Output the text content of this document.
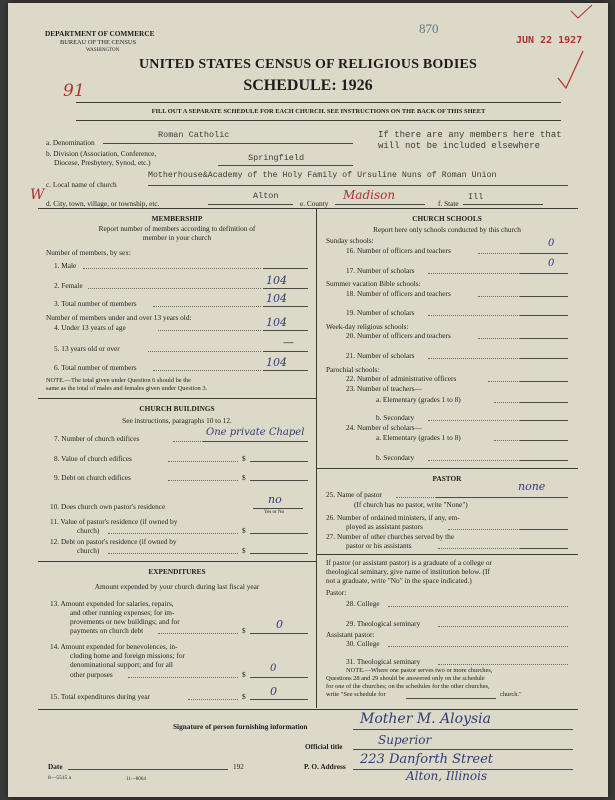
DEPARTMENT OF COMMERCE
BUREAU OF THE CENSUS
WASHINGTON
870
JUN 22 1927
UNITED STATES CENSUS OF RELIGIOUS BODIES
SCHEDULE: 1926
91
FILL OUT A SEPARATE SCHEDULE FOR EACH CHURCH. SEE INSTRUCTIONS ON THE BACK OF THIS SHEET
a. Denomination
Roman Catholic	If there are any members here that
will not be included elsewhere
b. Division (Association, Conference,
Diocese, Presbytery, Synod, etc.)	Springfield
c. Local name of church
Motherhouse&Academy of the Holy Family of Ursuline Nuns of Roman Union
W
d. City, town, village, or township, etc.
Alton
e. County
Madison
f. State
Ill
MEMBERSHIP
Report number of members according to definition of
member in your church
Number of members, by sex:
1. Male
2. Female	104
3. Total number of members	104
Number of members under and over 13 years old:
4. Under 13 years of age	104
5. 13 years old or over	—
6. Total number of members	104
NOTE.—The total given under Question 6 should be the
same as the total of males and females given under Question 3.
CHURCH BUILDINGS
See instructions, paragraphs 10 to 12.
7. Number of church edifices
One private Chapel
8. Value of church edifices	$
9. Debt on church edifices	$
10. Does church own pastor's residence
no
Yes or No
11. Value of pastor's residence (if owned by
church)	$
12. Debt on pastor's residence (if owned by
church)	$
EXPENDITURES
Amount expended by your church during last fiscal year
13. Amount expended for salaries, repairs,
and other running expenses; for im-
provements or new buildings; and for
payments on church debt	$	0
14. Amount expended for benevolences, in-
cluding home and foreign missions; for
denominational support; and for all
other purposes	$
0
15. Total expenditures during year	$ 0
CHURCH SCHOOLS
Report here only schools conducted by this church
Sunday schools:
16. Number of officers and teachers
0
17. Number of scholars
0
Summer vacation Bible schools:
18. Number of officers and teachers
19. Number of scholars
Week-day religious schools:
20. Number of officers and teachers
21. Number of scholars
Parochial schools:
22. Number of administrative officers
23. Number of teachers—
a. Elementary (grades 1 to 8)
b. Secondary
24. Number of scholars—
a. Elementary (grades 1 to 8)
b. Secondary
PASTOR
25. Name of pastor
none
(If church has no pastor, write "None")
26. Number of ordained ministers, if any, em-
ployed as assistant pastors
27. Number of other churches served by the
pastor or his assistants
If pastor (or assistant pastor) is a graduate of a college or
theological seminary, give name of institution below. (If
not a graduate, write "No" in the space indicated.)
Pastor:
28. College
29. Theological seminary
Assistant pastor:
30. College
31. Theological seminary
NOTE.—Where one pastor serves two or more churches,
Questions 28 and 29 should be answered only on the schedule
for one of the churches; on the schedules for the other churches,
write "See schedule for	church."
Signature of person furnishing information	Mother M. Aloysia
Official title	Superior
Date	192	P. O. Address 223 Danforth Street
Alton, Illinois
8—5515 a	11—8064
